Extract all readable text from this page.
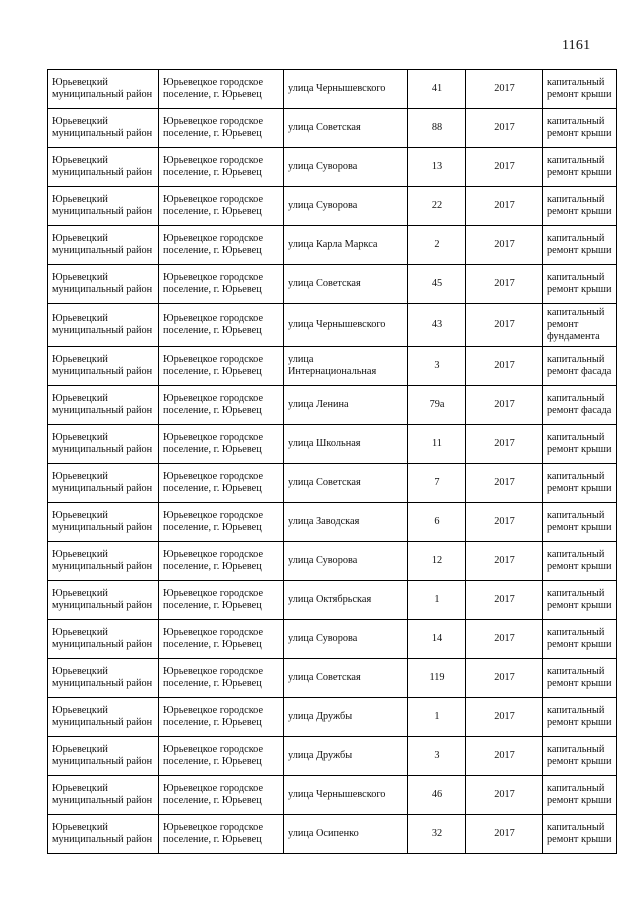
1161
Юрьевецкий муниципальный район	Юрьевецкое городское поселение, г. Юрьевец	улица Чернышевского	41	2017	капитальный ремонт крыши
Юрьевецкий муниципальный район	Юрьевецкое городское поселение, г. Юрьевец	улица Советская	88	2017	капитальный ремонт крыши
Юрьевецкий муниципальный район	Юрьевецкое городское поселение, г. Юрьевец	улица Суворова	13	2017	капитальный ремонт крыши
Юрьевецкий муниципальный район	Юрьевецкое городское поселение, г. Юрьевец	улица Суворова	22	2017	капитальный ремонт крыши
Юрьевецкий муниципальный район	Юрьевецкое городское поселение, г. Юрьевец	улица Карла Маркса	2	2017	капитальный ремонт крыши
Юрьевецкий муниципальный район	Юрьевецкое городское поселение, г. Юрьевец	улица Советская	45	2017	капитальный ремонт крыши
Юрьевецкий муниципальный район	Юрьевецкое городское поселение, г. Юрьевец	улица Чернышевского	43	2017	капитальный ремонт фундамента
Юрьевецкий муниципальный район	Юрьевецкое городское поселение, г. Юрьевец	улица Интернациональная	3	2017	капитальный ремонт фасада
Юрьевецкий муниципальный район	Юрьевецкое городское поселение, г. Юрьевец	улица Ленина	79а	2017	капитальный ремонт фасада
Юрьевецкий муниципальный район	Юрьевецкое городское поселение, г. Юрьевец	улица Школьная	11	2017	капитальный ремонт крыши
Юрьевецкий муниципальный район	Юрьевецкое городское поселение, г. Юрьевец	улица Советская	7	2017	капитальный ремонт крыши
Юрьевецкий муниципальный район	Юрьевецкое городское поселение, г. Юрьевец	улица Заводская	6	2017	капитальный ремонт крыши
Юрьевецкий муниципальный район	Юрьевецкое городское поселение, г. Юрьевец	улица Суворова	12	2017	капитальный ремонт крыши
Юрьевецкий муниципальный район	Юрьевецкое городское поселение, г. Юрьевец	улица Октябрьская	1	2017	капитальный ремонт крыши
Юрьевецкий муниципальный район	Юрьевецкое городское поселение, г. Юрьевец	улица Суворова	14	2017	капитальный ремонт крыши
Юрьевецкий муниципальный район	Юрьевецкое городское поселение, г. Юрьевец	улица Советская	119	2017	капитальный ремонт крыши
Юрьевецкий муниципальный район	Юрьевецкое городское поселение, г. Юрьевец	улица Дружбы	1	2017	капитальный ремонт крыши
Юрьевецкий муниципальный район	Юрьевецкое городское поселение, г. Юрьевец	улица Дружбы	3	2017	капитальный ремонт крыши
Юрьевецкий муниципальный район	Юрьевецкое городское поселение, г. Юрьевец	улица Чернышевского	46	2017	капитальный ремонт крыши
Юрьевецкий муниципальный район	Юрьевецкое городское поселение, г. Юрьевец	улица Осипенко	32	2017	капитальный ремонт крыши
